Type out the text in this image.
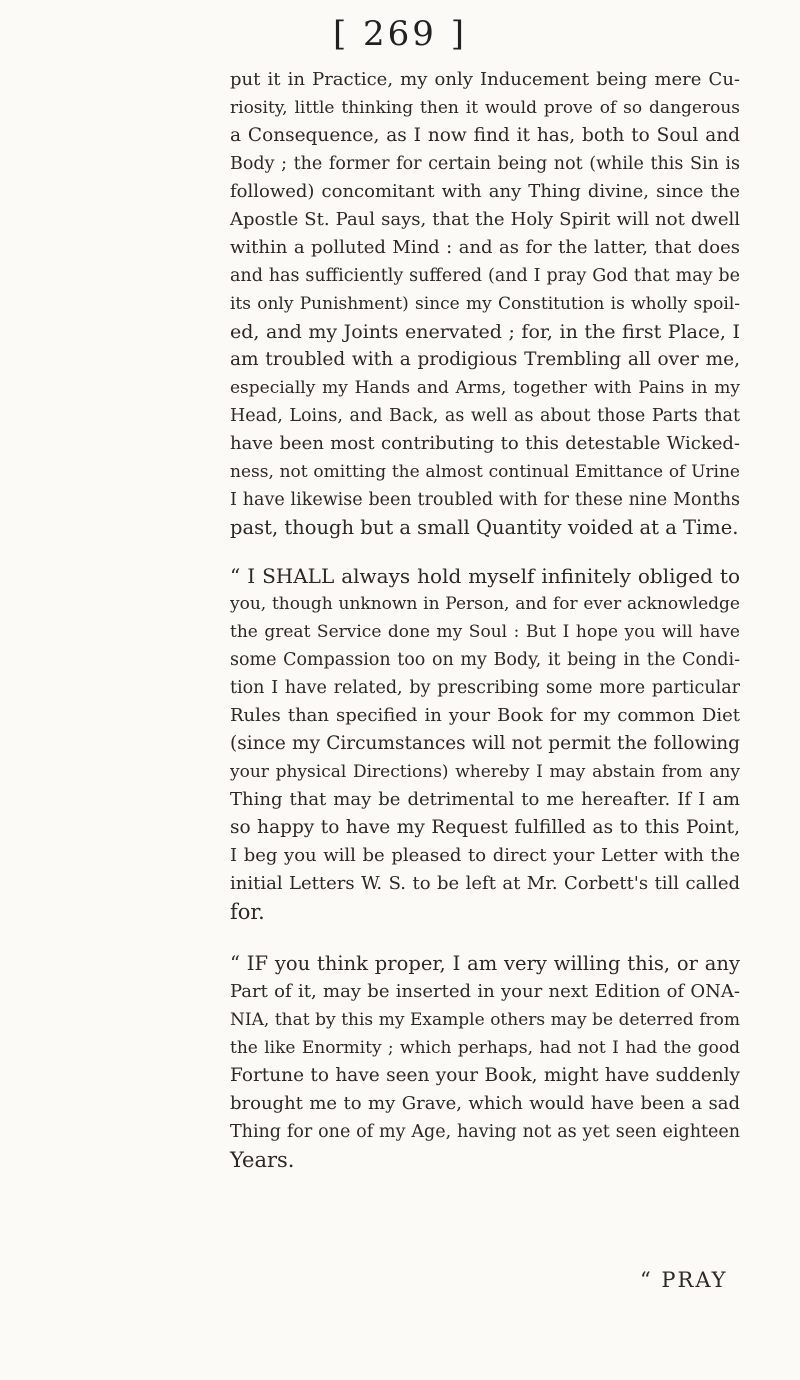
[ 269 ]
put it in Practice, my only Inducement being mere Cu-
riosity, little thinking then it would prove of so dangerous
a Consequence, as I now find it has, both to Soul and
Body ; the former for certain being not (while this Sin is
followed) concomitant with any Thing divine, since the
Apostle St. Paul says, that the Holy Spirit will not dwell
within a polluted Mind : and as for the latter, that does
and has sufficiently suffered (and I pray God that may be
its only Punishment) since my Constitution is wholly spoil-
ed, and my Joints enervated ; for, in the first Place, I
am troubled with a prodigious Trembling all over me,
especially my Hands and Arms, together with Pains in my
Head, Loins, and Back, as well as about those Parts that
have been most contributing to this detestable Wicked-
ness, not omitting the almost continual Emittance of Urine
I have likewise been troubled with for these nine Months
past, though but a small Quantity voided at a Time.
“ I SHALL always hold myself infinitely obliged to
you, though unknown in Person, and for ever acknowledge
the great Service done my Soul : But I hope you will have
some Compassion too on my Body, it being in the Condi-
tion I have related, by prescribing some more particular
Rules than specified in your Book for my common Diet
(since my Circumstances will not permit the following
your physical Directions) whereby I may abstain from any
Thing that may be detrimental to me hereafter. If I am
so happy to have my Request fulfilled as to this Point,
I beg you will be pleased to direct your Letter with the
initial Letters W. S. to be left at Mr. Corbett's till called
for.
“ IF you think proper, I am very willing this, or any
Part of it, may be inserted in your next Edition of ONA-
NIA, that by this my Example others may be deterred from
the like Enormity ; which perhaps, had not I had the good
Fortune to have seen your Book, might have suddenly
brought me to my Grave, which would have been a sad
Thing for one of my Age, having not as yet seen eighteen
Years.
“ PRAY
